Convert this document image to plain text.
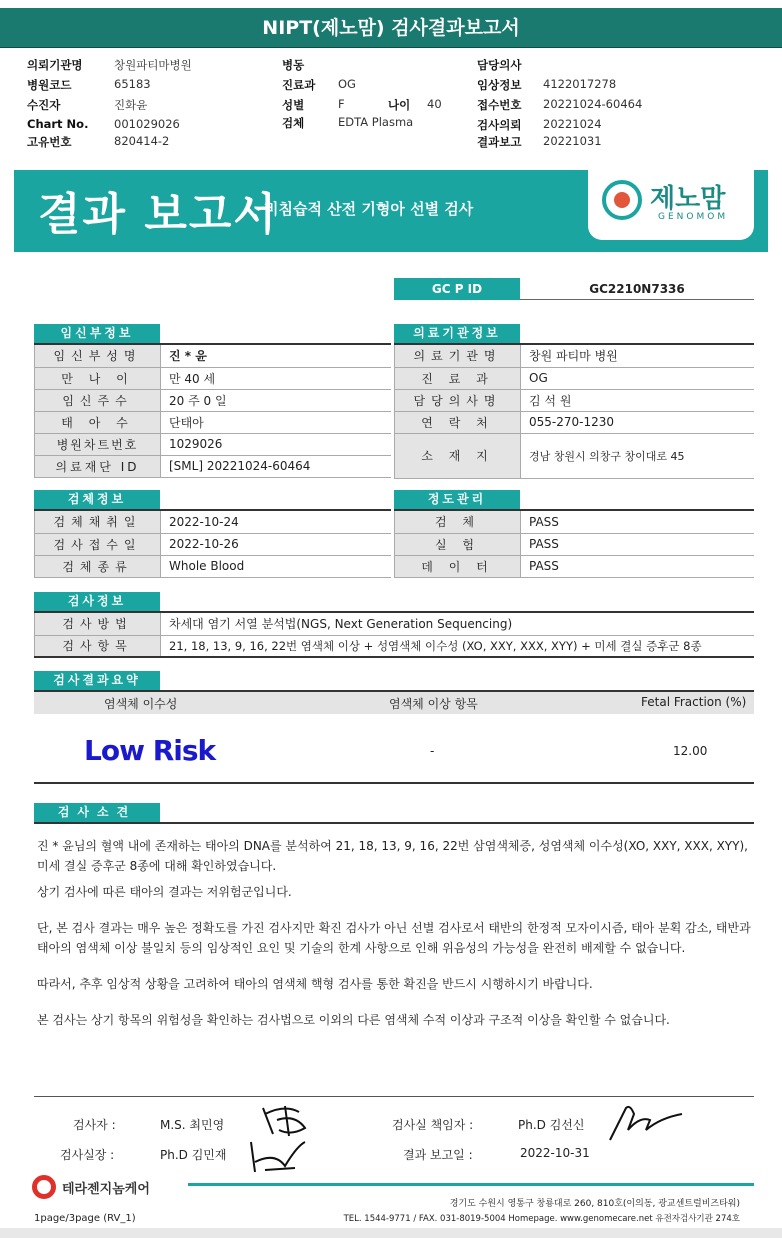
NIPT(제노맘) 검사결과보고서
의뢰기관명	창원파티마병원
병원코드	65183
수진자	진화윤
Chart No. 001029026
고유번호	820414-2
병동
진료과 OG
성별	F	나이 40
검체	EDTA Plasma
담당의사
임상정보 4122017278
접수번호 20221024-60464
검사의뢰 20221024
결과보고 20221031
결과 보고서
비침습적 산전 기형아 선별 검사	제노맘
GENOMOM
GC P ID	GC2210N7336
임신부정보	의료기관정보
임신부성명	진 * 윤
만 나 이	만 40 세
임신주수	20 주 0 일
태 아 수	단태아
병원차트번호	1029026
의료재단 ID	[SML] 20221024-60464
의료기관명	창원 파티마 병원
진 료 과	OG
담당의사명	김 석 원
연 락 처	055-270-1230
소 재 지	경남 창원시 의창구 창이대로 45
검체정보	정도관리
검체채취일	2022-10-24
검사접수일	2022-10-26
검체종류	Whole Blood
검 체	PASS
실 험	PASS
데 이 터	PASS
검사정보
검사방법	차세대 염기 서열 분석법(NGS, Next Generation Sequencing)
검사항목	21, 18, 13, 9, 16, 22번 염색체 이상 + 성염색체 이수성 (XO, XXY, XXX, XYY) + 미세 결실 증후군 8종
검사결과요약
염색체 이수성	염색체 이상 항목	Fetal Fraction (%)
Low Risk	-	12.00
검사소견
진 * 윤님의 혈액 내에 존재하는 태아의 DNA를 분석하여 21, 18, 13, 9, 16, 22번 삼염색체증, 성염색체 이수성(XO, XXY, XXX, XYY), 미세 결실 증후군 8종에 대해 확인하였습니다.
상기 검사에 따른 태아의 결과는 저위험군입니다.
단, 본 검사 결과는 매우 높은 정확도를 가진 검사지만 확진 검사가 아닌 선별 검사로서 태반의 한정적 모자이시즘, 태아 분획 감소, 태반과 태아의 염색체 이상 불일치 등의 임상적인 요인 및 기술의 한계 사항으로 인해 위음성의 가능성을 완전히 배제할 수 없습니다.
따라서, 추후 임상적 상황을 고려하여 태아의 염색체 핵형 검사를 통한 확진을 반드시 시행하시기 바랍니다.
본 검사는 상기 항목의 위험성을 확인하는 검사법으로 이외의 다른 염색체 수적 이상과 구조적 이상을 확인할 수 없습니다.
검사자 :	M.S. 최민영	검사실 책임자 :	Ph.D 김선신
검사실장 :	Ph.D 김민재	결과 보고일 :	2022-10-31
테라젠지놈케어
경기도 수원시 영통구 창룡대로 260, 810호(이의동, 광교센트럴비즈타워)
TEL. 1544-9771 / FAX. 031-8019-5004 Homepage. www.genomecare.net 유전자검사기관 274호
1page/3page (RV_1)
